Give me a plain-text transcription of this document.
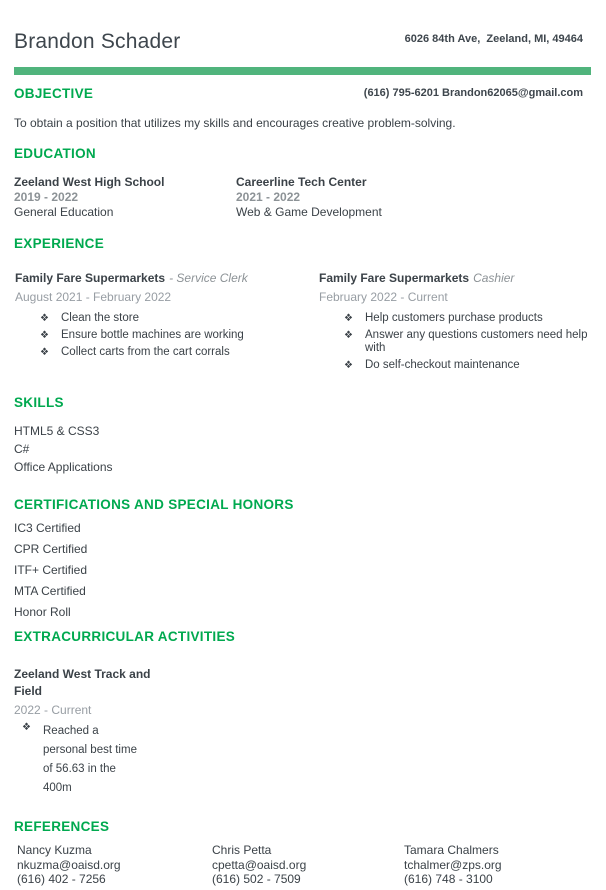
Brandon Schader

	6026 84th Ave,  Zeeland, MI, 49464

(616) 795-6201 Brandon62065@gmail.com

OBJECTIVE
To obtain a position that utilizes my skills and encourages creative problem-solving.
EDUCATION
Zeeland West High School
2019 - 2022
General Education
Careerline Tech Center
2021 - 2022
Web & Game Development
EXPERIENCE
Family Fare Supermarkets - Service Clerk
August 2021 - February 2022
❖	Clean the store
❖	Ensure bottle machines are working
❖	Collect carts from the cart corrals
Family Fare Supermarkets Cashier
February 2022 - Current
❖	Help customers purchase products
❖	Answer any questions customers need help with
❖	Do self-checkout maintenance
SKILLS
HTML5 & CSS3
C#
Office Applications
CERTIFICATIONS AND SPECIAL HONORS
IC3 Certified
CPR Certified
ITF+ Certified
MTA Certified
Honor Roll
EXTRACURRICULAR ACTIVITIES
Zeeland West Track and Field
2022 - Current
❖	Reached a personal best time of 56.63 in the 400m
REFERENCES
Nancy Kuzma
nkuzma@oaisd.org
(616) 402 - 7256
Chris Petta
cpetta@oaisd.org
(616) 502 - 7509
Tamara Chalmers
tchalmer@zps.org
(616) 748 - 3100
